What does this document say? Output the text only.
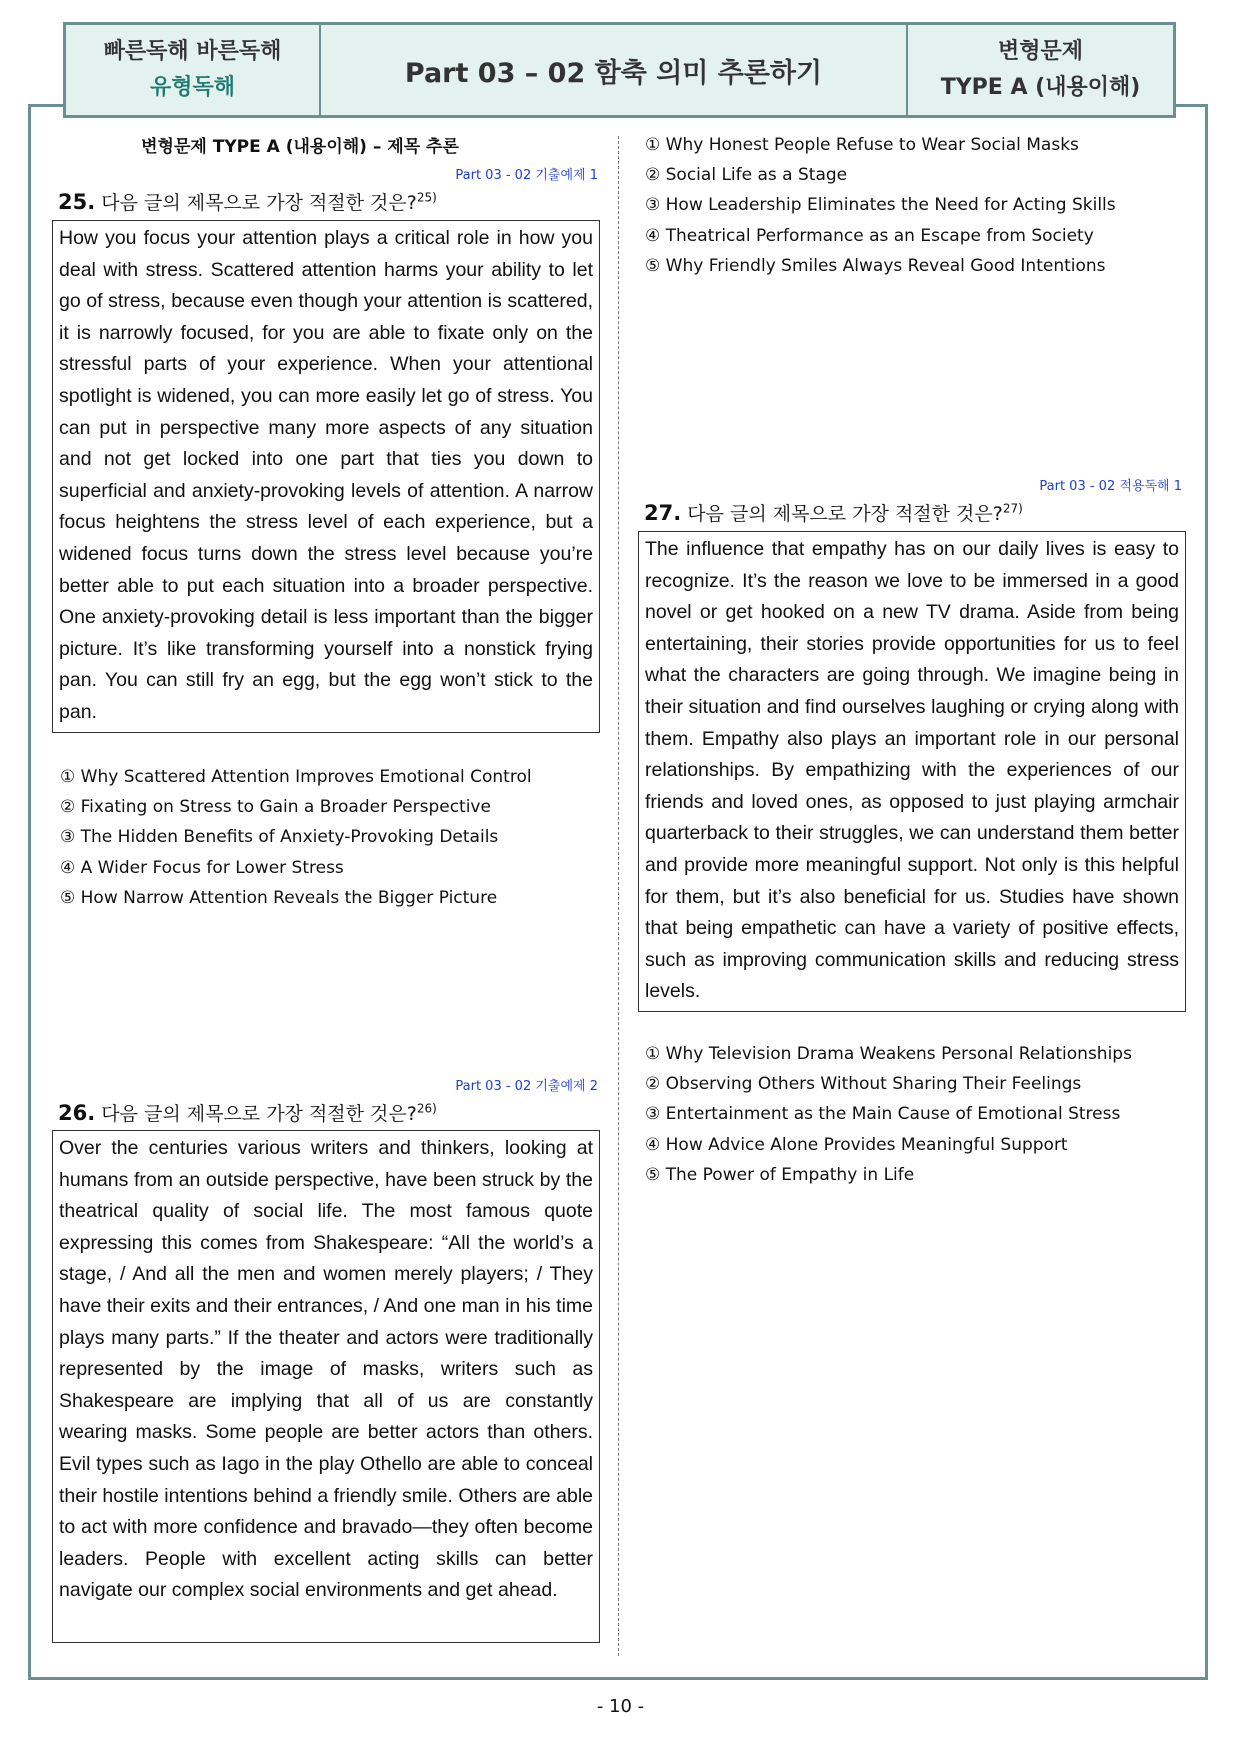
빠른독해 바른독해
유형독해	Part 03 – 02 함축 의미 추론하기
변형문제
TYPE A (내용이해)
변형문제 TYPE A (내용이해) – 제목 추론
Part 03 - 02 기출예제 1
25. 다음 글의 제목으로 가장 적절한 것은?$^{25)}$
How you focus your attention plays a critical role in how you deal with stress. Scattered attention harms your ability to let go of stress, because even though your attention is scattered, it is narrowly focused, for you are able to fixate only on the stressful parts of your experience. When your attentional spotlight is widened, you can more easily let go of stress. You can put in perspective many more aspects of any situation and not get locked into one part that ties you down to superficial and anxiety-provoking levels of attention. A narrow focus heightens the stress level of each experience, but a widened focus turns down the stress level because you’re better able to put each situation into a broader perspective. One anxiety-provoking detail is less important than the bigger picture. It’s like transforming yourself into a nonstick frying pan. You can still fry an egg, but the egg won’t stick to the pan.
① Why Scattered Attention Improves Emotional Control
② Fixating on Stress to Gain a Broader Perspective
③ The Hidden Benefits of Anxiety-Provoking Details
④ A Wider Focus for Lower Stress
⑤ How Narrow Attention Reveals the Bigger Picture
Part 03 - 02 기출예제 2
26. 다음 글의 제목으로 가장 적절한 것은?$^{26)}$
Over the centuries various writers and thinkers, looking at humans from an outside perspective, have been struck by the theatrical quality of social life. The most famous quote expressing this comes from Shakespeare: “All the world’s a stage, / And all the men and women merely players; / They have their exits and their entrances, / And one man in his time plays many parts.” If the theater and actors were traditionally represented by the image of masks, writers such as Shakespeare are implying that all of us are constantly wearing masks. Some people are better actors than others. Evil types such as Iago in the play Othello are able to conceal their hostile intentions behind a friendly smile. Others are able to act with more confidence and bravado—they often become leaders. People with excellent acting skills can better navigate our complex social environments and get ahead.
① Why Honest People Refuse to Wear Social Masks
② Social Life as a Stage
③ How Leadership Eliminates the Need for Acting Skills
④ Theatrical Performance as an Escape from Society
⑤ Why Friendly Smiles Always Reveal Good Intentions
Part 03 - 02 적용독해 1
27. 다음 글의 제목으로 가장 적절한 것은?$^{27)}$
The influence that empathy has on our daily lives is easy to recognize. It’s the reason we love to be immersed in a good novel or get hooked on a new TV drama. Aside from being entertaining, their stories provide opportunities for us to feel what the characters are going through. We imagine being in their situation and find ourselves laughing or crying along with them. Empathy also plays an important role in our personal relationships. By empathizing with the experiences of our friends and loved ones, as opposed to just playing armchair quarterback to their struggles, we can understand them better and provide more meaningful support. Not only is this helpful for them, but it’s also beneficial for us. Studies have shown that being empathetic can have a variety of positive effects, such as improving communication skills and reducing stress levels.
① Why Television Drama Weakens Personal Relationships
② Observing Others Without Sharing Their Feelings
③ Entertainment as the Main Cause of Emotional Stress
④ How Advice Alone Provides Meaningful Support
⑤ The Power of Empathy in Life
- 10 -
